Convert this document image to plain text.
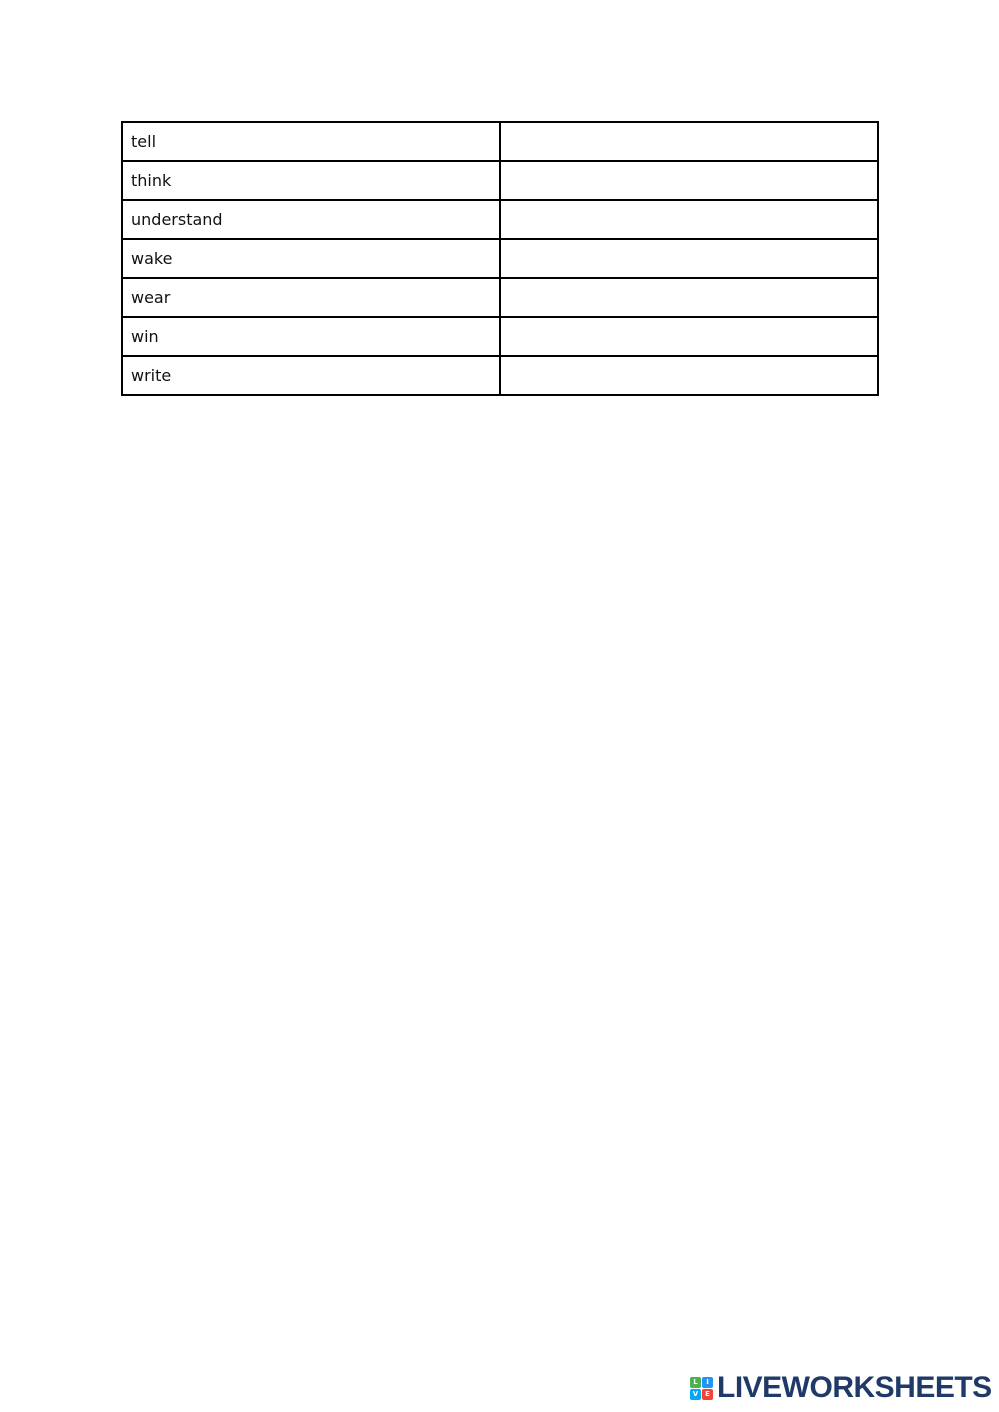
tell	
think	
understand	
wake	
wear	
win	
write	
L	I
V E LIVEWORKSHEETS
